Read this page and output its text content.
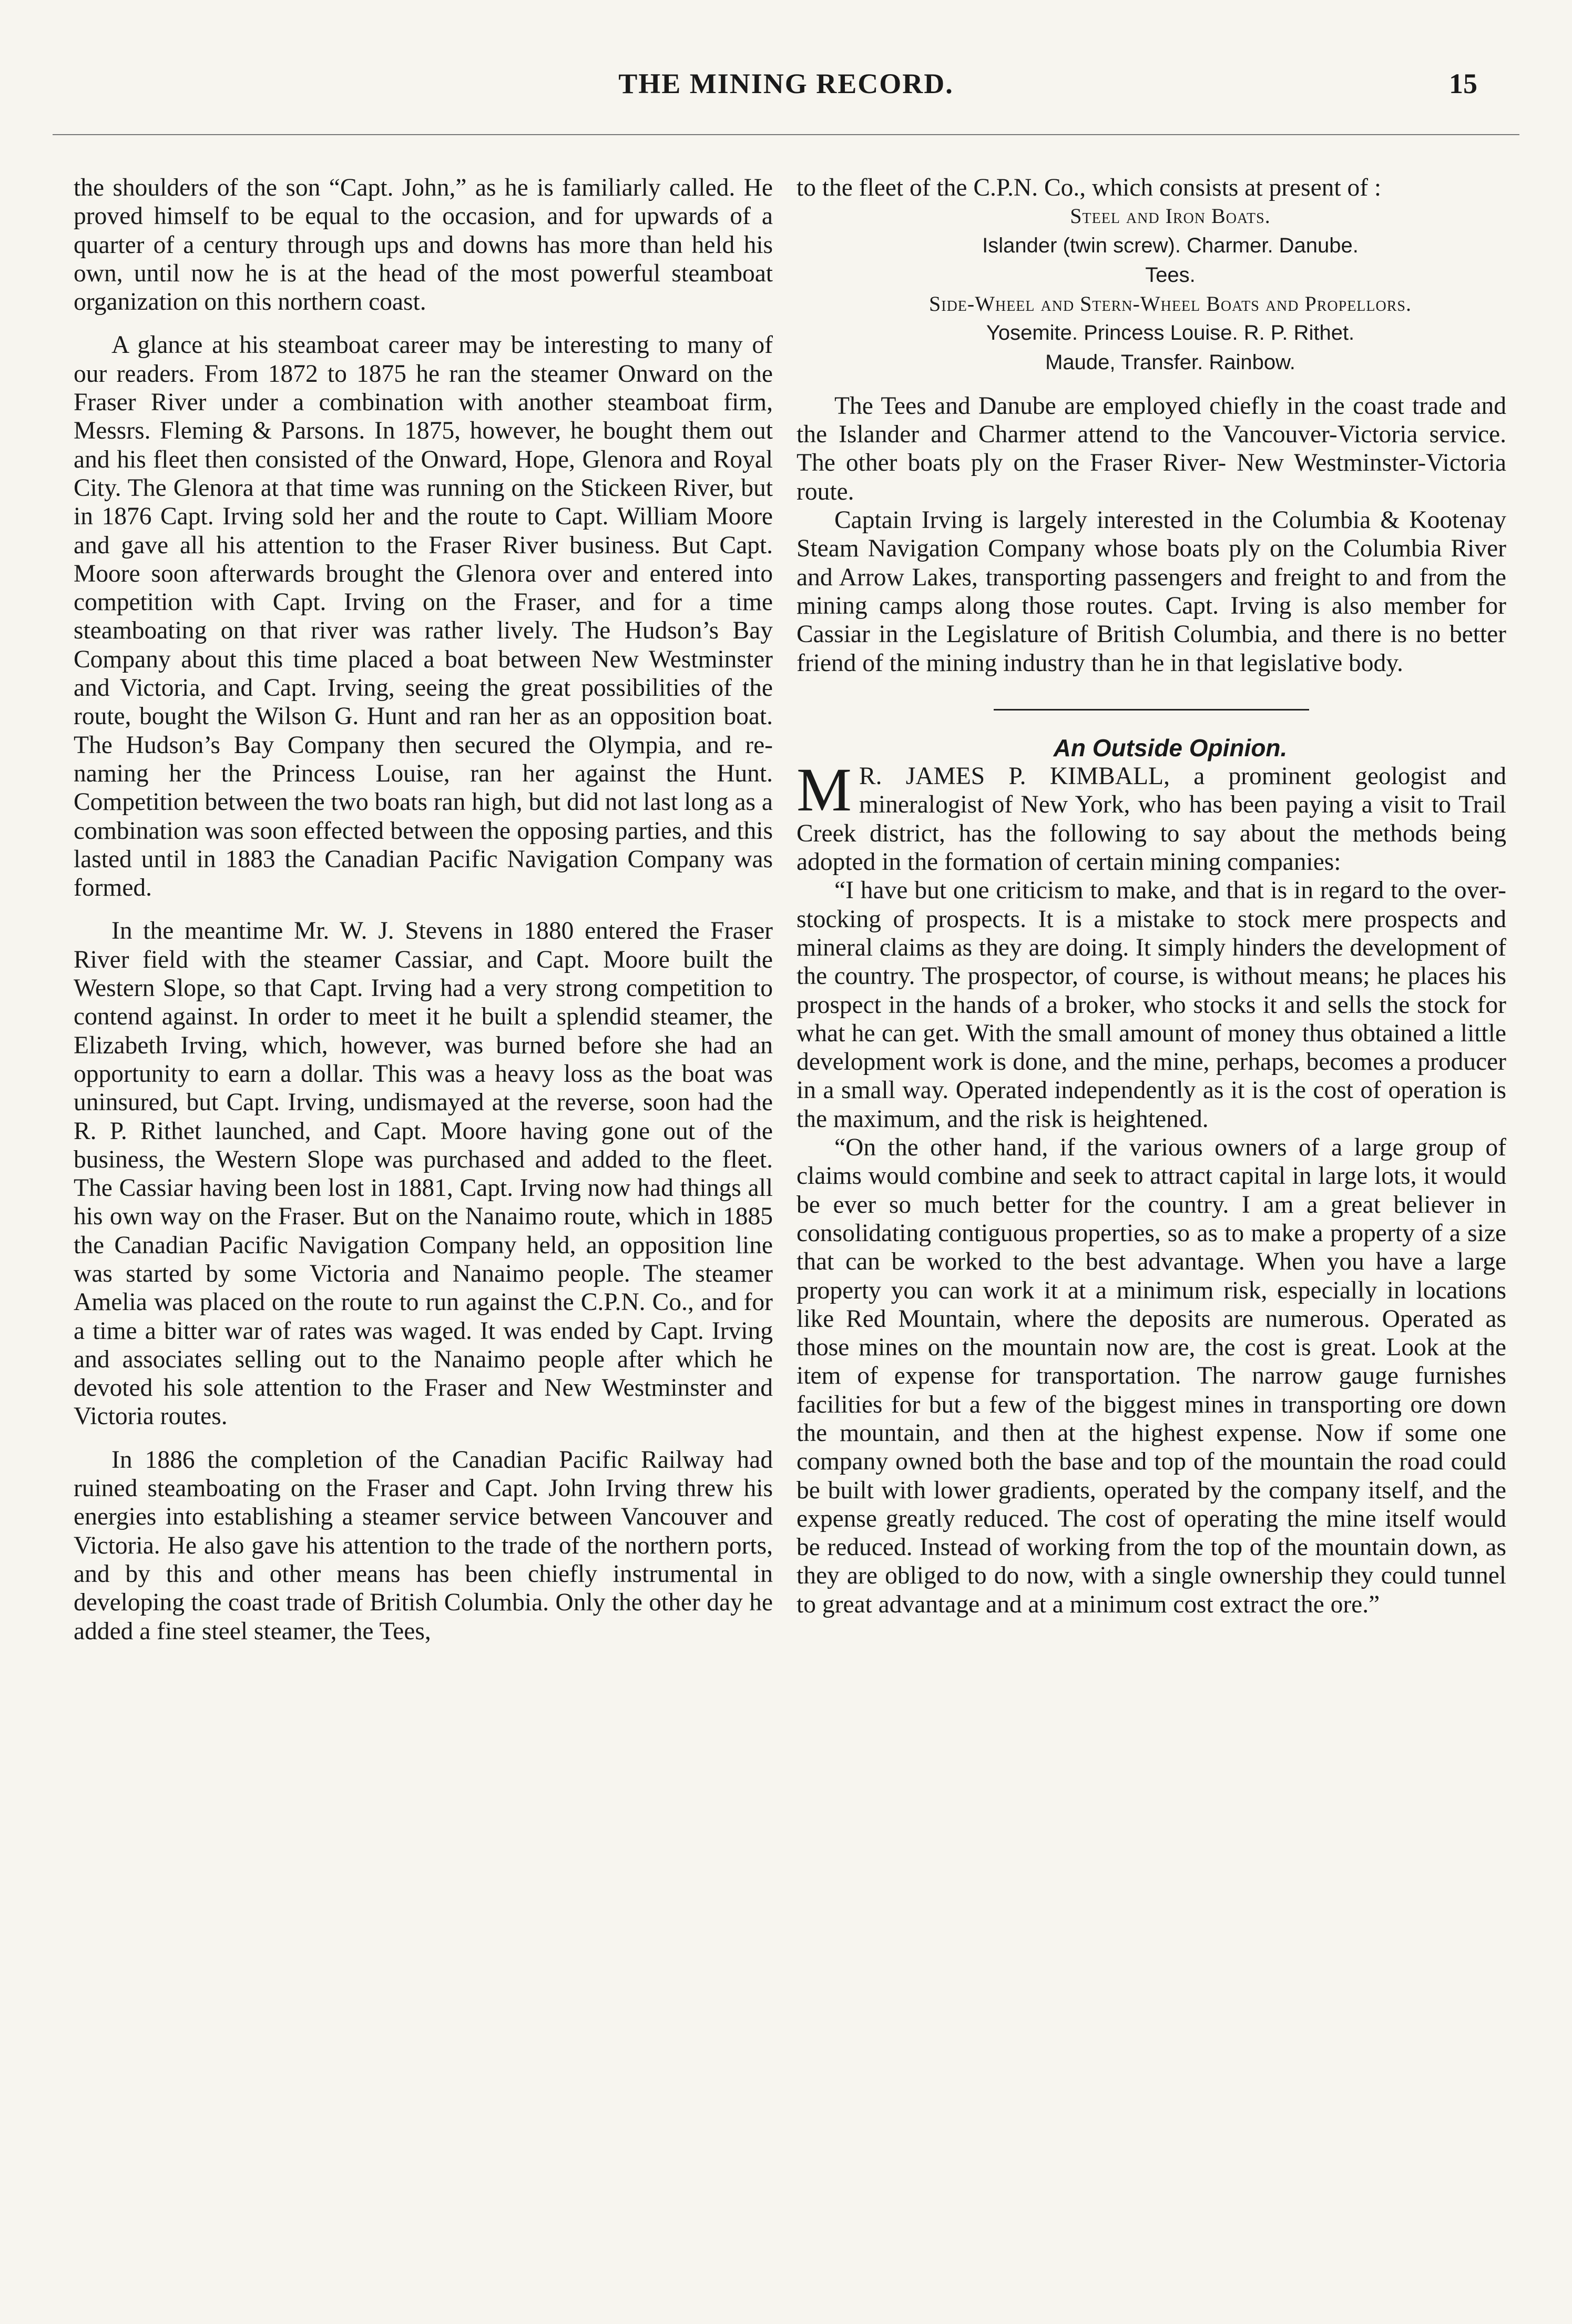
THE MINING RECORD.	15

the shoulders of the son “Capt. John,” as he is familiarly called. He proved himself to be equal to the occasion, and for upwards of a quarter of a century through ups and downs has more than held his own, until now he is at the head of the most powerful steamboat organization on this northern coast.

A glance at his steamboat career may be interesting to many of our readers. From 1872 to 1875 he ran the steamer Onward on the Fraser River under a combination with another steamboat firm, Messrs. Fleming & Parsons. In 1875, however, he bought them out and his fleet then consisted of the Onward, Hope, Glenora and Royal City. The Glenora at that time was running on the Stickeen River, but in 1876 Capt. Irving sold her and the route to Capt. William Moore and gave all his attention to the Fraser River business. But Capt. Moore soon afterwards brought the Glenora over and entered into competition with Capt. Irving on the Fraser, and for a time steamboating on that river was rather lively. The Hudson’s Bay Company about this time placed a boat between New Westminster and Victoria, and Capt. Irving, seeing the great possibilities of the route, bought the Wilson G. Hunt and ran her as an opposition boat. The Hudson’s Bay Company then secured the Olympia, and re-naming her the Princess Louise, ran her against the Hunt. Competition between the two boats ran high, but did not last long as a combination was soon effected between the opposing parties, and this lasted until in 1883 the Canadian Pacific Navigation Company was formed.

In the meantime Mr. W. J. Stevens in 1880 entered the Fraser River field with the steamer Cassiar, and Capt. Moore built the Western Slope, so that Capt. Irving had a very strong competition to contend against. In order to meet it he built a splendid steamer, the Elizabeth Irving, which, however, was burned before she had an opportunity to earn a dollar. This was a heavy loss as the boat was uninsured, but Capt. Irving, undismayed at the reverse, soon had the R. P. Rithet launched, and Capt. Moore having gone out of the business, the Western Slope was purchased and added to the fleet. The Cassiar having been lost in 1881, Capt. Irving now had things all his own way on the Fraser. But on the Nanaimo route, which in 1885 the Canadian Pacific Navigation Company held, an opposition line was started by some Victoria and Nanaimo people. The steamer Amelia was placed on the route to run against the C.P.N. Co., and for a time a bitter war of rates was waged. It was ended by Capt. Irving and associates selling out to the Nanaimo people after which he devoted his sole attention to the Fraser and New Westminster and Victoria routes.

In 1886 the completion of the Canadian Pacific Railway had ruined steamboating on the Fraser and Capt. John Irving threw his energies into establishing a steamer service between Vancouver and Victoria. He also gave his attention to the trade of the northern ports, and by this and other means has been chiefly instrumental in developing the coast trade of British Columbia. Only the other day he added a fine steel steamer, the Tees,

to the fleet of the C.P.N. Co., which consists at present of :

Steel and Iron Boats.

Islander (twin screw). Charmer. Danube.

Tees.

Side-Wheel and Stern-Wheel Boats and Propellors.

Yosemite. Princess Louise. R. P. Rithet.

Maude, Transfer. Rainbow.

The Tees and Danube are employed chiefly in the coast trade and the Islander and Charmer attend to the Vancouver-Victoria service. The other boats ply on the Fraser River- New Westminster-Victoria route.

Captain Irving is largely interested in the Columbia & Kootenay Steam Navigation Company whose boats ply on the Columbia River and Arrow Lakes, transporting passengers and freight to and from the mining camps along those routes. Capt. Irving is also member for Cassiar in the Legislature of British Columbia, and there is no better friend of the mining industry than he in that legislative body.

An Outside Opinion.

M R. JAMES P. KIMBALL, a prominent geologist and mineralogist of New York, who has been paying a visit to Trail Creek district, has the following to say about the methods being adopted in the formation of certain mining companies:

“I have but one criticism to make, and that is in regard to the over-stocking of prospects. It is a mistake to stock mere prospects and mineral claims as they are doing. It simply hinders the development of the country. The prospector, of course, is without means; he places his prospect in the hands of a broker, who stocks it and sells the stock for what he can get. With the small amount of money thus obtained a little development work is done, and the mine, perhaps, becomes a producer in a small way. Operated independently as it is the cost of operation is the maximum, and the risk is heightened.

“On the other hand, if the various owners of a large group of claims would combine and seek to attract capital in large lots, it would be ever so much better for the country. I am a great believer in consolidating contiguous properties, so as to make a property of a size that can be worked to the best advantage. When you have a large property you can work it at a minimum risk, especially in locations like Red Mountain, where the deposits are numerous. Operated as those mines on the mountain now are, the cost is great. Look at the item of expense for transportation. The narrow gauge furnishes facilities for but a few of the biggest mines in transporting ore down the mountain, and then at the highest expense. Now if some one company owned both the base and top of the mountain the road could be built with lower gradients, operated by the company itself, and the expense greatly reduced. The cost of operating the mine itself would be reduced. Instead of working from the top of the mountain down, as they are obliged to do now, with a single ownership they could tunnel to great advantage and at a minimum cost extract the ore.”
